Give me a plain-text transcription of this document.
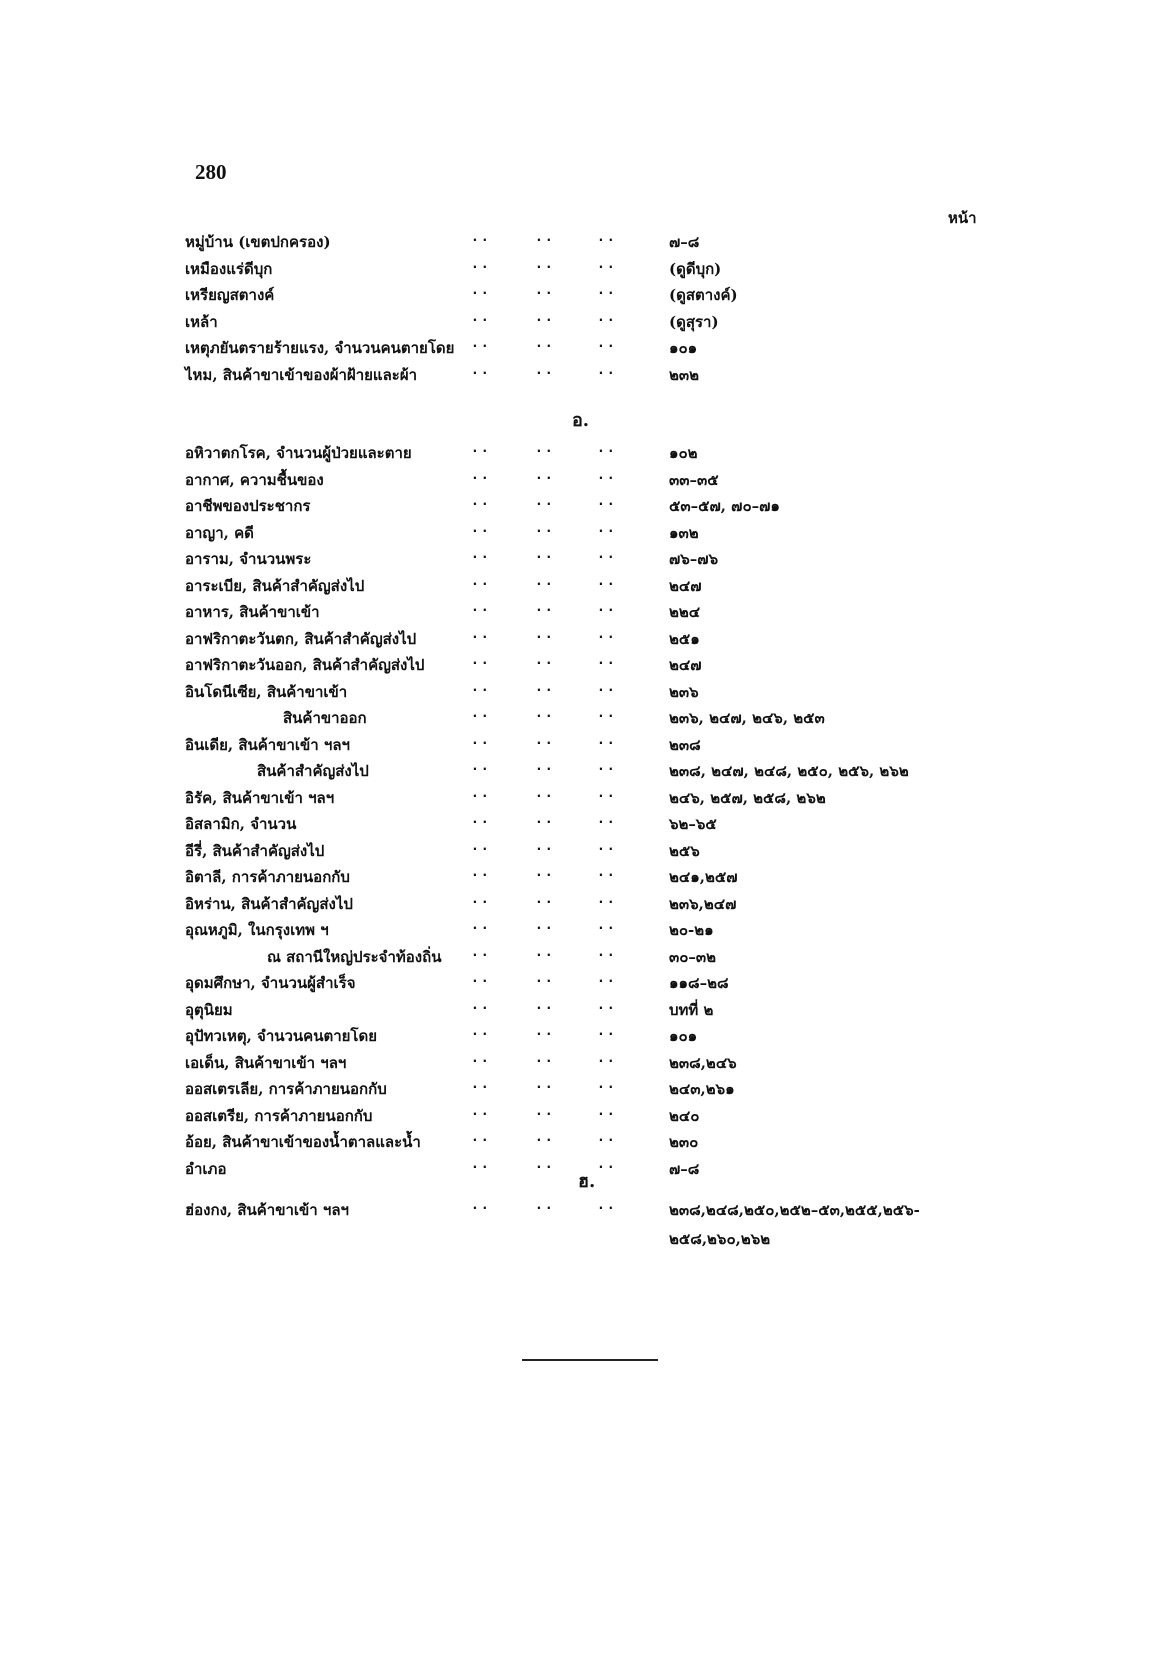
280
หน้า
หมู่บ้าน (เขตปกครอง)	..	..	..	๗–๘
เหมืองแร่ดีบุก	..	..	..	(ดูดีบุก)
เหรียญสตางค์	..	..	..	(ดูสตางค์)
เหล้า	..	..	..	(ดูสุรา)
เหตุภยันตรายร้ายแรง, จำนวนคนตายโดย ..	..	..	๑๐๑
ไหม, สินค้าขาเข้าของผ้าฝ้ายและผ้า	..	..	..	๒๓๒
อ.
อหิวาตกโรค, จำนวนผู้ป่วยและตาย	..	..	..	๑๐๒
อากาศ, ความชื้นของ	..	..	..	๓๓–๓๕
อาชีพของประชากร	..	..	..	๕๓–๕๗, ๗๐–๗๑
อาญา, คดี	..	..	..	๑๓๒
อาราม, จำนวนพระ	..	..	..	๗๖–๗๖
อาระเบีย, สินค้าสำคัญส่งไป	..	..	..	๒๔๗
อาหาร, สินค้าขาเข้า	..	..	..	๒๒๔
อาฟริกาตะวันตก, สินค้าสำคัญส่งไป	..	..	..	๒๕๑
อาฟริกาตะวันออก, สินค้าสำคัญส่งไป	..	..	..	๒๔๗
อินโดนีเซีย, สินค้าขาเข้า	..	..	..	๒๓๖
สินค้าขาออก	..	..	..	๒๓๖, ๒๔๗, ๒๔๖, ๒๕๓
อินเดีย, สินค้าขาเข้า ฯลฯ	..	..	..	๒๓๘
สินค้าสำคัญส่งไป	..	..	..	๒๓๘, ๒๔๗, ๒๔๘, ๒๕๐, ๒๕๖, ๒๖๒
อิรัค, สินค้าขาเข้า ฯลฯ	..	..	..	๒๔๖, ๒๕๗, ๒๕๘, ๒๖๒
อิสลามิก, จำนวน	..	..	..	๖๒–๖๕
อีรี่, สินค้าสำคัญส่งไป	..	..	..	๒๕๖
อิตาลี, การค้าภายนอกกับ	..	..	..	๒๔๑,๒๕๗
อิหร่าน, สินค้าสำคัญส่งไป	..	..	..	๒๓๖,๒๔๗
อุณหภูมิ, ในกรุงเทพ ฯ	..	..	..	๒๐-๒๑
ณ สถานีใหญ่ประจำท้องถิ่น ..	..	..	๓๐–๓๒
อุดมศึกษา, จำนวนผู้สำเร็จ	..	..	..	๑๑๘–๒๘
อุตุนิยม	..	..	..	บทที่ ๒
อุปัทวเหตุ, จำนวนคนตายโดย	..	..	..	๑๐๑
เอเด็น, สินค้าขาเข้า ฯลฯ	..	..	..	๒๓๘,๒๔๖
ออสเตรเลีย, การค้าภายนอกกับ	..	..	..	๒๔๓,๒๖๑
ออสเตรีย, การค้าภายนอกกับ	..	..	..	๒๔๐
อ้อย, สินค้าขาเข้าของน้ำตาลและน้ำ	..	..	..	๒๓๐
อำเภอ	..	..	..	๗–๘
ฮ.
ฮ่องกง, สินค้าขาเข้า ฯลฯ	..	..	..	๒๓๘,๒๔๘,๒๕๐,๒๕๒–๕๓,๒๕๕,๒๕๖-
๒๕๘,๒๖๐,๒๖๒
